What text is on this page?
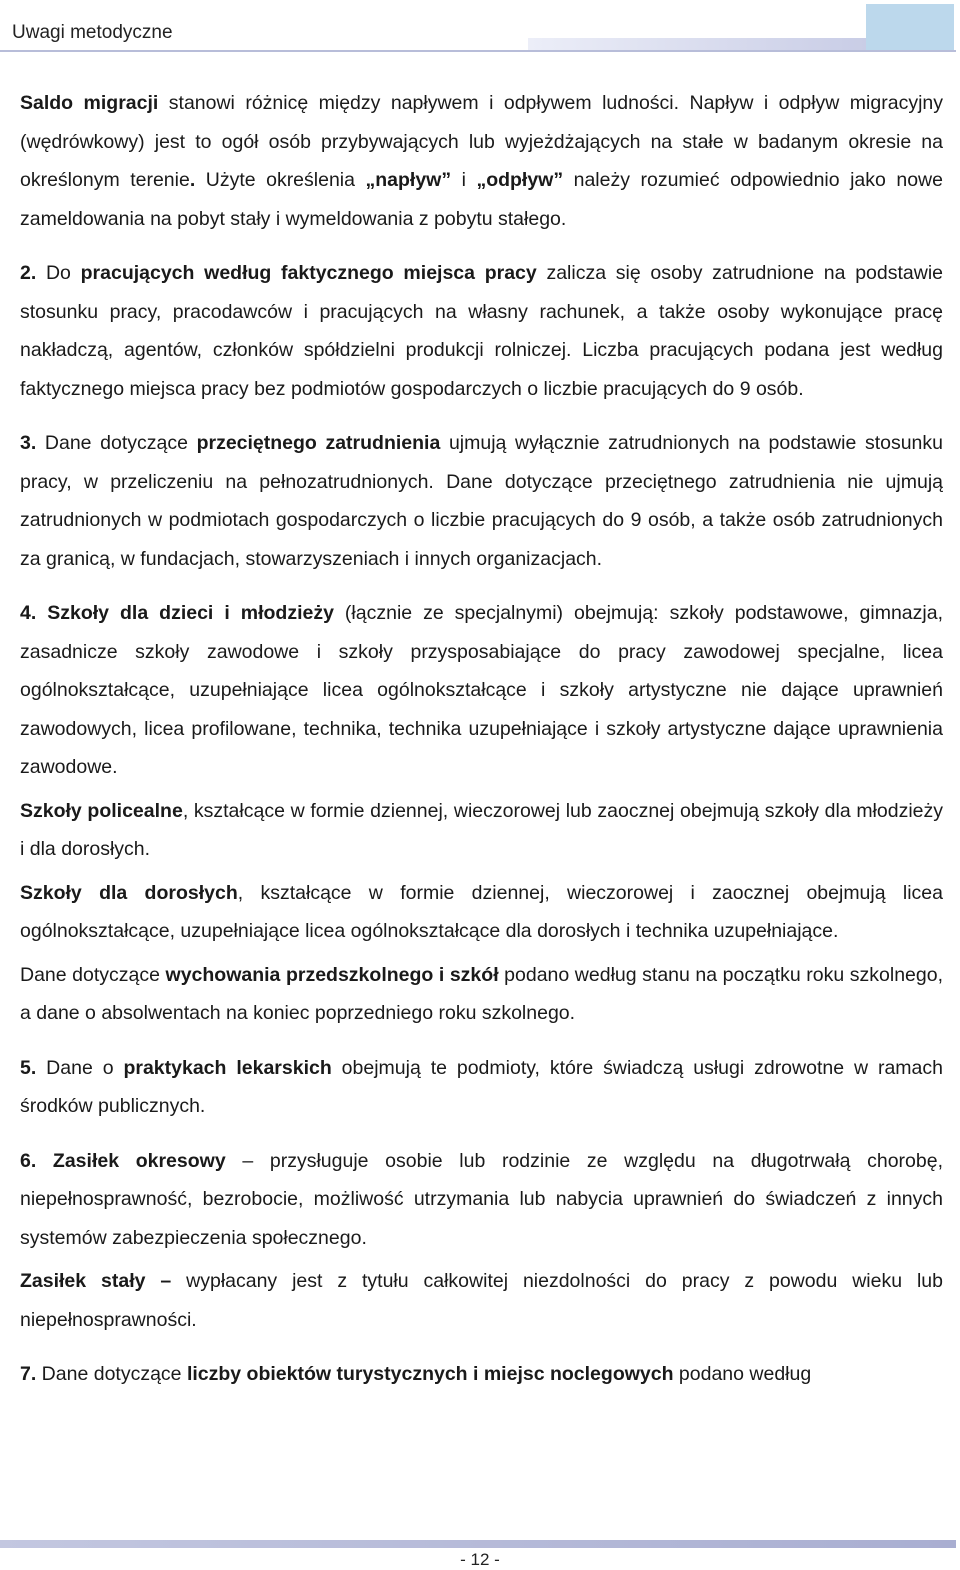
Uwagi metodyczne

Saldo migracji stanowi różnicę między napływem i odpływem ludności. Napływ i odpływ migracyjny (wędrówkowy) jest to ogół osób przybywających lub wyjeżdżających na stałe w badanym okresie na określonym terenie. Użyte określenia „napływ” i „odpływ” należy rozumieć odpowiednio jako nowe zameldowania na pobyt stały i wymeldowania z pobytu stałego.

2. Do pracujących według faktycznego miejsca pracy zalicza się osoby zatrudnione na podstawie stosunku pracy, pracodawców i pracujących na własny rachunek, a także osoby wykonujące pracę nakładczą, agentów, członków spółdzielni produkcji rolniczej. Liczba pracujących podana jest według faktycznego miejsca pracy bez podmiotów gospodarczych o liczbie pracujących do 9 osób.

3. Dane dotyczące przeciętnego zatrudnienia ujmują wyłącznie zatrudnionych na podstawie stosunku pracy, w przeliczeniu na pełnozatrudnionych. Dane dotyczące przeciętnego zatrudnienia nie ujmują zatrudnionych w podmiotach gospodarczych o liczbie pracujących do 9 osób, a także osób zatrudnionych za granicą, w fundacjach, stowarzyszeniach i innych organizacjach.

4. Szkoły dla dzieci i młodzieży (łącznie ze specjalnymi) obejmują: szkoły podstawowe, gimnazja, zasadnicze szkoły zawodowe i szkoły przysposabiające do pracy zawodowej specjalne, licea ogólnokształcące, uzupełniające licea ogólnokształcące i szkoły artystyczne nie dające uprawnień zawodowych, licea profilowane, technika, technika uzupełniające i szkoły artystyczne dające uprawnienia zawodowe.

Szkoły policealne, kształcące w formie dziennej, wieczorowej lub zaocznej obejmują szkoły dla młodzieży i dla dorosłych.

Szkoły dla dorosłych, kształcące w formie dziennej, wieczorowej i zaocznej obejmują licea ogólnokształcące, uzupełniające licea ogólnokształcące dla dorosłych i technika uzupełniające.

Dane dotyczące wychowania przedszkolnego i szkół podano według stanu na początku roku szkolnego, a dane o absolwentach na koniec poprzedniego roku szkolnego.

5. Dane o praktykach lekarskich obejmują te podmioty, które świadczą usługi zdrowotne w ramach środków publicznych.

6. Zasiłek okresowy – przysługuje osobie lub rodzinie ze względu na długotrwałą chorobę, niepełnosprawność, bezrobocie, możliwość utrzymania lub nabycia uprawnień do świadczeń z innych systemów zabezpieczenia społecznego.

Zasiłek stały – wypłacany jest z tytułu całkowitej niezdolności do pracy z powodu wieku lub niepełnosprawności.

7. Dane dotyczące liczby obiektów turystycznych i miejsc noclegowych podano według

- 12 -
